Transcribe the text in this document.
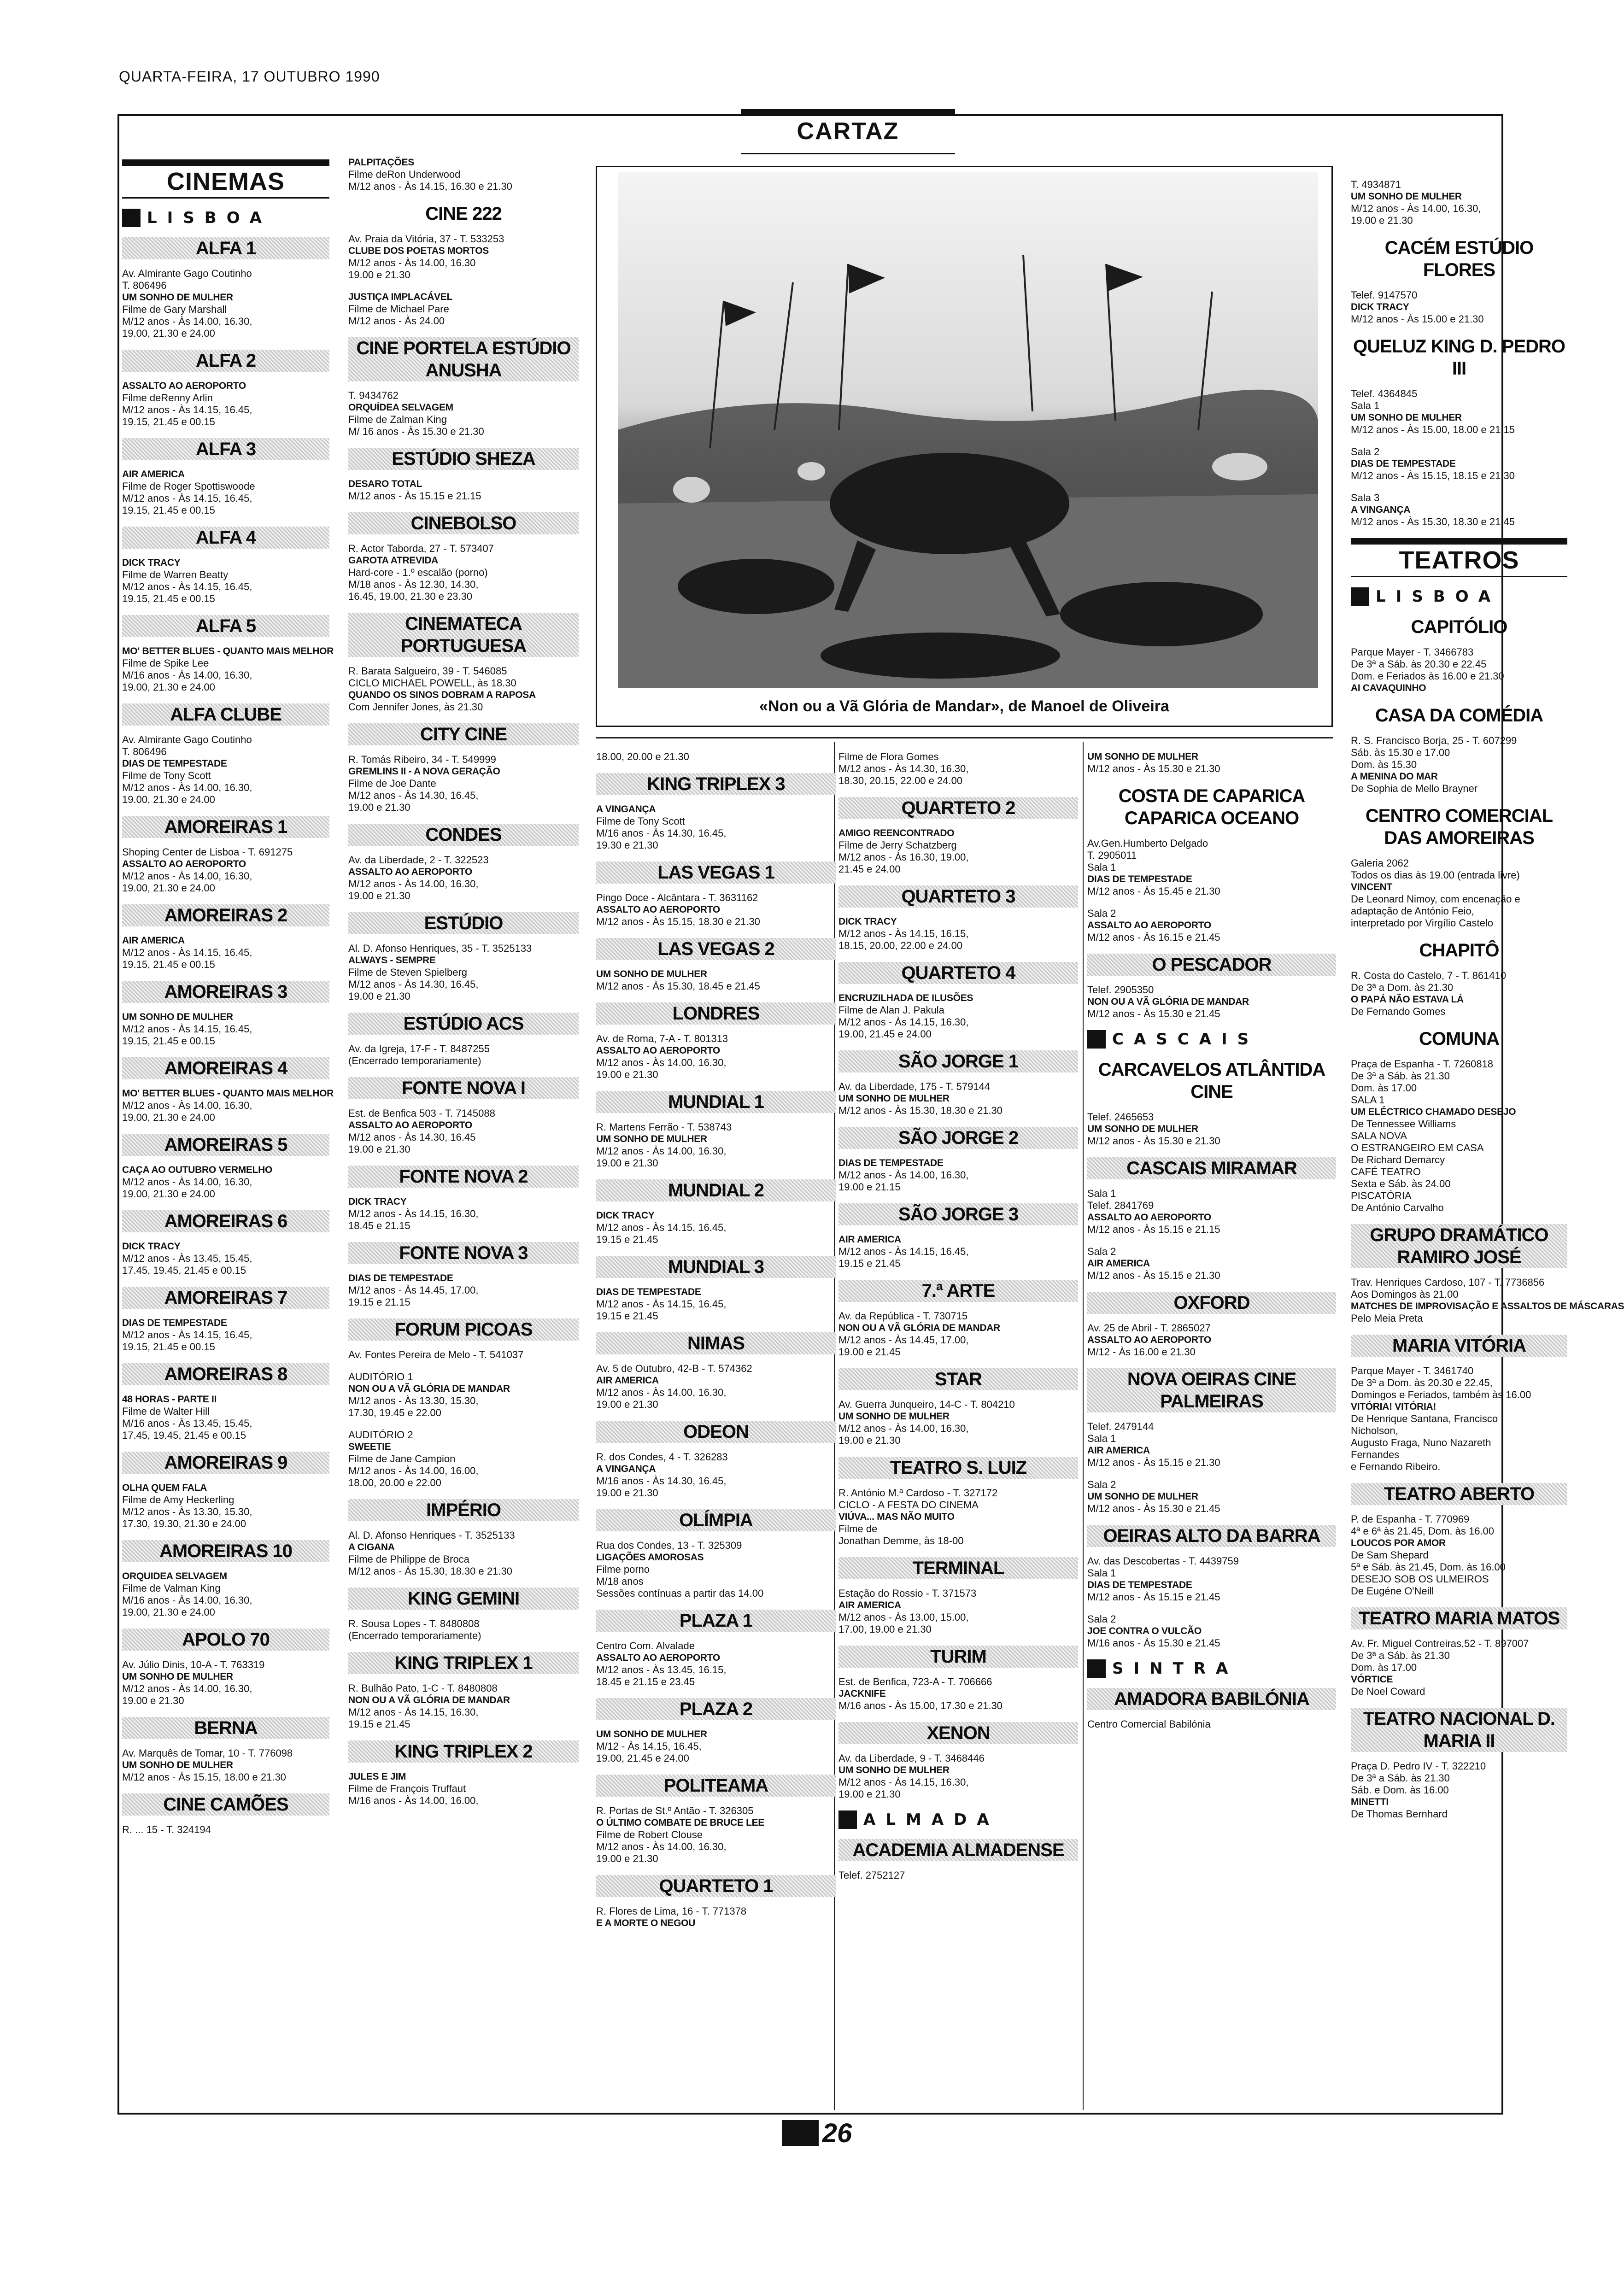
QUARTA-FEIRA, 17 OUTUBRO 1990
CARTAZ
CINEMAS
LISBOA
ALFA 1

Av. Almirante Gago Coutinho

T. 806496

UM SONHO DE MULHER

Filme de Gary Marshall

M/12 anos - Às 14.00, 16.30,

19.00, 21.30 e 24.00

ALFA 2

ASSALTO AO AEROPORTO

Filme deRenny Arlin

M/12 anos - Às 14.15, 16.45,

19.15, 21.45 e 00.15

ALFA 3

AIR AMERICA

Filme de Roger Spottiswoode

M/12 anos - Às 14.15, 16.45,

19.15, 21.45 e 00.15

ALFA 4

DICK TRACY

Filme de Warren Beatty

M/12 anos - Às 14.15, 16.45,

19.15, 21.45 e 00.15

ALFA 5

MO' BETTER BLUES - QUANTO MAIS MELHOR

Filme de Spike Lee

M/16 anos - Às 14.00, 16.30,

19.00, 21.30 e 24.00

ALFA CLUBE

Av. Almirante Gago Coutinho

T. 806496

DIAS DE TEMPESTADE

Filme de Tony Scott

M/12 anos - Às 14.00, 16.30,

19.00, 21.30 e 24.00

AMOREIRAS 1

Shoping Center de Lisboa - T. 691275

ASSALTO AO AEROPORTO

M/12 anos - Às 14.00, 16.30,

19.00, 21.30 e 24.00

AMOREIRAS 2

AIR AMERICA

M/12 anos - Às 14.15, 16.45,

19.15, 21.45 e 00.15

AMOREIRAS 3

UM SONHO DE MULHER

M/12 anos - Às 14.15, 16.45,

19.15, 21.45 e 00.15

AMOREIRAS 4

MO' BETTER BLUES - QUANTO MAIS MELHOR

M/12 anos - Às 14.00, 16.30,

19.00, 21.30 e 24.00

AMOREIRAS 5

CAÇA AO OUTUBRO VERMELHO

M/12 anos - Às 14.00, 16.30,

19.00, 21.30 e 24.00

AMOREIRAS 6

DICK TRACY

M/12 anos - Às 13.45, 15.45,

17.45, 19.45, 21.45 e 00.15

AMOREIRAS 7

DIAS DE TEMPESTADE

M/12 anos - Às 14.15, 16.45,

19.15, 21.45 e 00.15

AMOREIRAS 8

48 HORAS - PARTE II

Filme de Walter Hill

M/16 anos - Às 13.45, 15.45,

17.45, 19.45, 21.45 e 00.15

AMOREIRAS 9

OLHA QUEM FALA

Filme de Amy Heckerling

M/12 anos - Às 13.30, 15.30,

17.30, 19.30, 21.30 e 24.00

AMOREIRAS 10

ORQUIDEA SELVAGEM

Filme de Valman King

M/16 anos - Às 14.00, 16.30,

19.00, 21.30 e 24.00

APOLO 70

Av. Júlio Dinis, 10-A - T. 763319

UM SONHO DE MULHER

M/12 anos - Às 14.00, 16.30,

19.00 e 21.30

BERNA

Av. Marquês de Tomar, 10 - T. 776098

UM SONHO DE MULHER

M/12 anos - Às 15.15, 18.00 e 21.30

CINE CAMÕES

R. ... 15 - T. 324194

PALPITAÇÕES

Filme deRon Underwood

M/12 anos - Às 14.15, 16.30 e 21.30

CINE 222

Av. Praia da Vitória, 37 - T. 533253

CLUBE DOS POETAS MORTOS

M/12 anos - Às 14.00, 16.30

19.00 e 21.30

JUSTIÇA IMPLACÁVEL

Filme de Michael Pare

M/12 anos - Às 24.00

CINE PORTELA ESTÚDIO ANUSHA

T. 9434762

ORQUÍDEA SELVAGEM

Filme de Zalman King

M/ 16 anos - Às 15.30 e 21.30

ESTÚDIO SHEZA

DESARO TOTAL

M/12 anos - Às 15.15 e 21.15

CINEBOLSO

R. Actor Taborda, 27 - T. 573407

GAROTA ATREVIDA

Hard-core - 1.º escalão (porno)

M/18 anos - Às 12.30, 14.30,

16.45, 19.00, 21.30 e 23.30

CINEMATECA PORTUGUESA

R. Barata Salgueiro, 39 - T. 546085

CICLO MICHAEL POWELL, às 18.30

QUANDO OS SINOS DOBRAM A RAPOSA

Com Jennifer Jones, às 21.30

CITY CINE

R. Tomás Ribeiro, 34 - T. 549999

GREMLINS II - A NOVA GERAÇÃO

Filme de Joe Dante

M/12 anos - Às 14.30, 16.45,

19.00 e 21.30

CONDES

Av. da Liberdade, 2 - T. 322523

ASSALTO AO AEROPORTO

M/12 anos - Às 14.00, 16.30,

19.00 e 21.30

ESTÚDIO

Al. D. Afonso Henriques, 35 - T. 3525133

ALWAYS - SEMPRE

Filme de Steven Spielberg

M/12 anos - Às 14.30, 16.45,

19.00 e 21.30

ESTÚDIO ACS

Av. da Igreja, 17-F - T. 8487255

(Encerrado temporariamente)

FONTE NOVA I

Est. de Benfica 503 - T. 7145088

ASSALTO AO AEROPORTO

M/12 anos - Às 14.30, 16.45

19.00 e 21.30

FONTE NOVA 2

DICK TRACY

M/12 anos - Às 14.15, 16.30,

18.45 e 21.15

FONTE NOVA 3

DIAS DE TEMPESTADE

M/12 anos - Às 14.45, 17.00,

19.15 e 21.15

FORUM PICOAS

Av. Fontes Pereira de Melo - T. 541037

AUDITÓRIO 1

NON OU A VÃ GLÓRIA DE MANDAR

M/12 anos - Às 13.30, 15.30,

17.30, 19.45 e 22.00

AUDITÓRIO 2

SWEETIE

Filme de Jane Campion

M/12 anos - Às 14.00, 16.00,

18.00, 20.00 e 22.00

IMPÉRIO

Al. D. Afonso Henriques - T. 3525133

A CIGANA

Filme de Philippe de Broca

M/12 anos - Às 15.30, 18.30 e 21.30

KING GEMINI

R. Sousa Lopes - T. 8480808

(Encerrado temporariamente)

KING TRIPLEX 1

R. Bulhão Pato, 1-C - T. 8480808

NON OU A VÃ GLÓRIA DE MANDAR

M/12 anos - Às 14.15, 16.30,

19.15 e 21.45

KING TRIPLEX 2

JULES E JIM

Filme de François Truffaut

M/16 anos - Às 14.00, 16.00,

«Non ou a Vã Glória de Mandar», de Manoel de Oliveira

18.00, 20.00 e 21.30

KING TRIPLEX 3

A VINGANÇA

Filme de Tony Scott

M/16 anos - Às 14.30, 16.45,

19.30 e 21.30

LAS VEGAS 1

Pingo Doce - Alcântara - T. 3631162

ASSALTO AO AEROPORTO

M/12 anos - Às 15.15, 18.30 e 21.30

LAS VEGAS 2

UM SONHO DE MULHER

M/12 anos - Às 15.30, 18.45 e 21.45

LONDRES

Av. de Roma, 7-A - T. 801313

ASSALTO AO AEROPORTO

M/12 anos - Às 14.00, 16.30,

19.00 e 21.30

MUNDIAL 1

R. Martens Ferrão - T. 538743

UM SONHO DE MULHER

M/12 anos - Às 14.00, 16.30,

19.00 e 21.30

MUNDIAL 2

DICK TRACY

M/12 anos - Às 14.15, 16.45,

19.15 e 21.45

MUNDIAL 3

DIAS DE TEMPESTADE

M/12 anos - Às 14.15, 16.45,

19.15 e 21.45

NIMAS

Av. 5 de Outubro, 42-B - T. 574362

AIR AMERICA

M/12 anos - Às 14.00, 16.30,

19.00 e 21.30

ODEON

R. dos Condes, 4 - T. 326283

A VINGANÇA

M/16 anos - Às 14.30, 16.45,

19.00 e 21.30

OLÍMPIA

Rua dos Condes, 13 - T. 325309

LIGAÇÕES AMOROSAS

Filme porno

M/18 anos

Sessões contínuas a partir das 14.00

PLAZA 1

Centro Com. Alvalade

ASSALTO AO AEROPORTO

M/12 anos - Às 13.45, 16.15,

18.45 e 21.15 e 23.45

PLAZA 2

UM SONHO DE MULHER

M/12 - Às 14.15, 16.45,

19.00, 21.45 e 24.00

POLITEAMA

R. Portas de St.º Antão - T. 326305

O ÚLTIMO COMBATE DE BRUCE LEE

Filme de Robert Clouse

M/12 anos - Às 14.00, 16.30,

19.00 e 21.30

QUARTETO 1

R. Flores de Lima, 16 - T. 771378

E A MORTE O NEGOU

Filme de Flora Gomes

M/12 anos - Às 14.30, 16.30,

18.30, 20.15, 22.00 e 24.00

QUARTETO 2

AMIGO REENCONTRADO

Filme de Jerry Schatzberg

M/12 anos - Às 16.30, 19.00,

21.45 e 24.00

QUARTETO 3

DICK TRACY

M/12 anos - Às 14.15, 16.15,

18.15, 20.00, 22.00 e 24.00

QUARTETO 4

ENCRUZILHADA DE ILUSÕES

Filme de Alan J. Pakula

M/12 anos - Às 14.15, 16.30,

19.00, 21.45 e 24.00

SÃO JORGE 1

Av. da Liberdade, 175 - T. 579144

UM SONHO DE MULHER

M/12 anos - Às 15.30, 18.30 e 21.30

SÃO JORGE 2

DIAS DE TEMPESTADE

M/12 anos - Às 14.00, 16.30,

19.00 e 21.15

SÃO JORGE 3

AIR AMERICA

M/12 anos - Às 14.15, 16.45,

19.15 e 21.45

7.ª ARTE

Av. da República - T. 730715

NON OU A VÃ GLÓRIA DE MANDAR

M/12 anos - Às 14.45, 17.00,

19.00 e 21.45

STAR

Av. Guerra Junqueiro, 14-C - T. 804210

UM SONHO DE MULHER

M/12 anos - Às 14.00, 16.30,

19.00 e 21.30

TEATRO S. LUIZ

R. António M.ª Cardoso - T. 327172

CICLO - A FESTA DO CINEMA

VIÚVA... MAS NÃO MUITO

Filme de

Jonathan Demme, às 18-00

TERMINAL

Estação do Rossio - T. 371573

AIR AMERICA

M/12 anos - Às 13.00, 15.00,

17.00, 19.00 e 21.30

TURIM

Est. de Benfica, 723-A - T. 706666

JACKNIFE

M/16 anos - Às 15.00, 17.30 e 21.30

XENON

Av. da Liberdade, 9 - T. 3468446

UM SONHO DE MULHER

M/12 anos - Às 14.15, 16.30,

19.00 e 21.30

ALMADA
ACADEMIA ALMADENSE

Telef. 2752127

UM SONHO DE MULHER

M/12 anos - Às 15.30 e 21.30

COSTA DE CAPARICA CAPARICA OCEANO

Av.Gen.Humberto Delgado

T. 2905011

Sala 1

DIAS DE TEMPESTADE

M/12 anos - Às 15.45 e 21.30

Sala 2

ASSALTO AO AEROPORTO

M/12 anos - Às 16.15 e 21.45

O PESCADOR

Telef. 2905350

NON OU A VÃ GLÓRIA DE MANDAR

M/12 anos - Às 15.30 e 21.45

CASCAIS
CARCAVELOS ATLÂNTIDA CINE

Telef. 2465653

UM SONHO DE MULHER

M/12 anos - Às 15.30 e 21.30

CASCAIS MIRAMAR

Sala 1

Telef. 2841769

ASSALTO AO AEROPORTO

M/12 anos - Às 15.15 e 21.15

Sala 2

AIR AMERICA

M/12 anos - Às 15.15 e 21.30

OXFORD

Av. 25 de Abril - T. 2865027

ASSALTO AO AEROPORTO

M/12 - Às 16.00 e 21.30

NOVA OEIRAS CINE PALMEIRAS

Telef. 2479144

Sala 1

AIR AMERICA

M/12 anos - Às 15.15 e 21.30

Sala 2

UM SONHO DE MULHER

M/12 anos - Às 15.30 e 21.45

OEIRAS ALTO DA BARRA

Av. das Descobertas - T. 4439759

Sala 1

DIAS DE TEMPESTADE

M/12 anos - Às 15.15 e 21.45

Sala 2

JOE CONTRA O VULCÃO

M/16 anos - Às 15.30 e 21.45

SINTRA
AMADORA BABILÓNIA

Centro Comercial Babilónia

T. 4934871

UM SONHO DE MULHER

M/12 anos - Às 14.00, 16.30,

19.00 e 21.30

CACÉM ESTÚDIO FLORES

Telef. 9147570

DICK TRACY

M/12 anos - Às 15.00 e 21.30

QUELUZ KING D. PEDRO III

Telef. 4364845

Sala 1

UM SONHO DE MULHER

M/12 anos - Às 15.00, 18.00 e 21.15

Sala 2

DIAS DE TEMPESTADE

M/12 anos - Às 15.15, 18.15 e 21.30

Sala 3

A VINGANÇA

M/12 anos - Às 15.30, 18.30 e 21.45

TEATROS
LISBOA
CAPITÓLIO

Parque Mayer - T. 3466783

De 3ª a Sáb. às 20.30 e 22.45

Dom. e Feriados às 16.00 e 21.30

AI CAVAQUINHO

CASA DA COMÉDIA

R. S. Francisco Borja, 25 - T. 607299

Sáb. às 15.30 e 17.00

Dom. às 15.30

A MENINA DO MAR

De Sophia de Mello Brayner

CENTRO COMERCIAL DAS AMOREIRAS

Galeria 2062

Todos os dias às 19.00 (entrada livre)

VINCENT

De Leonard Nimoy, com encenação e

adaptação de António Feio,

interpretado por Virgílio Castelo

CHAPITÔ

R. Costa do Castelo, 7 - T. 861410

De 3ª a Dom. às 21.30

O PAPÁ NÃO ESTAVA LÁ

De Fernando Gomes

COMUNA

Praça de Espanha - T. 7260818

De 3ª a Sáb. às 21.30

Dom. às 17.00

SALA 1

UM ELÉCTRICO CHAMADO DESEJO

De Tennessee Williams

SALA NOVA

O ESTRANGEIRO EM CASA

De Richard Demarcy

CAFÉ TEATRO

Sexta e Sáb. às 24.00

PISCATÓRIA

De António Carvalho

GRUPO DRAMÁTICO RAMIRO JOSÉ

Trav. Henriques Cardoso, 107 - T. 7736856

Aos Domingos às 21.00

MATCHES DE IMPROVISAÇÃO E ASSALTOS DE MÁSCARAS

Pelo Meia Preta

MARIA VITÓRIA

Parque Mayer - T. 3461740

De 3ª a Dom. às 20.30 e 22.45,

Domingos e Feriados, também às 16.00

VITÓRIA! VITÓRIA!

De Henrique Santana, Francisco

Nicholson,

Augusto Fraga, Nuno Nazareth

Fernandes

e Fernando Ribeiro.

TEATRO ABERTO

P. de Espanha - T. 770969

4ª e 6ª às 21.45, Dom. às 16.00

LOUCOS POR AMOR

De Sam Shepard

5ª e Sáb. às 21.45, Dom. às 16.00

DESEJO SOB OS ULMEIROS

De Eugéne O'Neill

TEATRO MARIA MATOS

Av. Fr. Miguel Contreiras,52 - T. 897007

De 3ª a Sáb. às 21.30

Dom. às 17.00

VÓRTICE

De Noel Coward

TEATRO NACIONAL D. MARIA II

Praça D. Pedro IV - T. 322210

De 3ª a Sáb. às 21.30

Sáb. e Dom. às 16.00

MINETTI

De Thomas Bernhard

26
